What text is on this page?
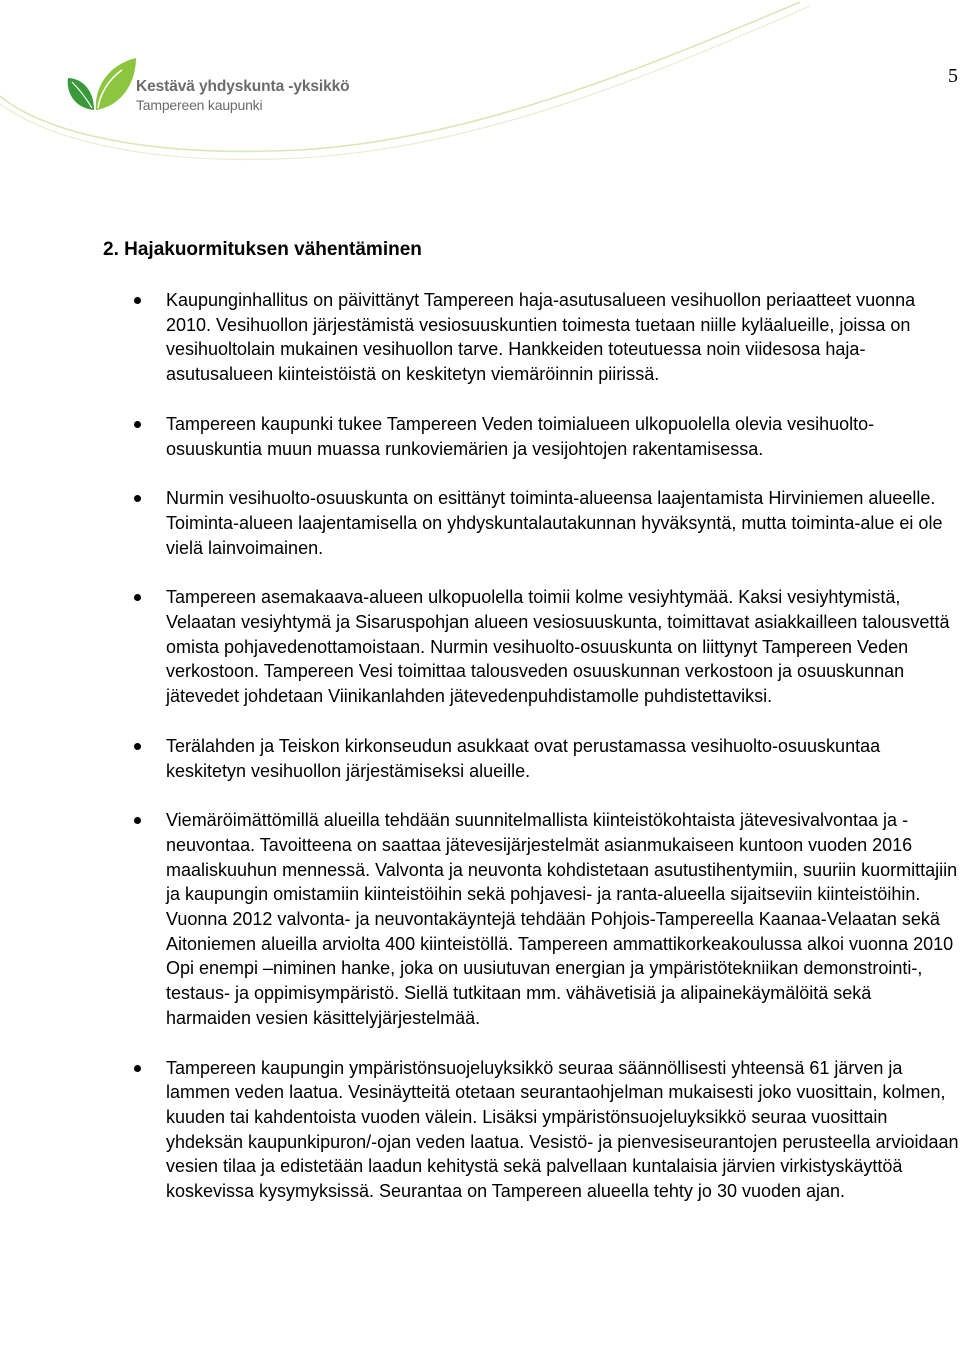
5
Kestävä yhdyskunta -yksikkö
Tampereen kaupunki
2. Hajakuormituksen vähentäminen
Kaupunginhallitus on päivittänyt Tampereen haja-asutusalueen vesihuollon periaatteet vuonna 2010. Vesihuollon järjestämistä vesiosuuskuntien toimesta tuetaan niille kyläalueille, joissa on vesihuoltolain mukainen vesihuollon tarve. Hankkeiden toteutuessa noin viidesosa haja-asutusalueen kiinteistöistä on keskitetyn viemäröinnin piirissä.
Tampereen kaupunki tukee Tampereen Veden toimialueen ulkopuolella olevia vesihuolto-osuuskuntia muun muassa runkoviemärien ja vesijohtojen rakentamisessa.
Nurmin vesihuolto-osuuskunta on esittänyt toiminta-alueensa laajentamista Hirviniemen alueelle. Toiminta-alueen laajentamisella on yhdyskuntalautakunnan hyväksyntä, mutta toiminta-alue ei ole vielä lainvoimainen.
Tampereen asemakaava-alueen ulkopuolella toimii kolme vesiyhtymää. Kaksi vesiyhtymistä, Velaatan vesiyhtymä ja Sisaruspohjan alueen vesiosuuskunta, toimittavat asiakkailleen talousvettä omista pohjavedenottamoistaan. Nurmin vesihuolto-osuuskunta on liittynyt Tampereen Veden verkostoon. Tampereen Vesi toimittaa talousveden osuuskunnan verkostoon ja osuuskunnan jätevedet johdetaan Viinikanlahden jätevedenpuhdistamolle puhdistettaviksi.
Terälahden ja Teiskon kirkonseudun asukkaat ovat perustamassa vesihuolto-osuuskuntaa keskitetyn vesihuollon järjestämiseksi alueille.
Viemäröimättömillä alueilla tehdään suunnitelmallista kiinteistökohtaista jätevesivalvontaa ja -neuvontaa. Tavoitteena on saattaa jätevesijärjestelmät asianmukaiseen kuntoon vuoden 2016 maaliskuuhun mennessä. Valvonta ja neuvonta kohdistetaan asutustihentymiin, suuriin kuormittajiin ja kaupungin omistamiin kiinteistöihin sekä pohjavesi- ja ranta-alueella sijaitseviin kiinteistöihin. Vuonna 2012 valvonta- ja neuvontakäyntejä tehdään Pohjois-Tampereella Kaanaa-Velaatan sekä Aitoniemen alueilla arviolta 400 kiinteistöllä. Tampereen ammattikorkeakoulussa alkoi vuonna 2010 Opi enempi –niminen hanke, joka on uusiutuvan energian ja ympäristötekniikan demonstrointi-, testaus- ja oppimisympäristö. Siellä tutkitaan mm. vähävetisiä ja alipainekäymälöitä sekä harmaiden vesien käsittelyjärjestelmää.
Tampereen kaupungin ympäristönsuojeluyksikkö seuraa säännöllisesti yhteensä 61 järven ja lammen veden laatua. Vesinäytteitä otetaan seurantaohjelman mukaisesti joko vuosittain, kolmen, kuuden tai kahdentoista vuoden välein. Lisäksi ympäristönsuojeluyksikkö seuraa vuosittain yhdeksän kaupunkipuron/-ojan veden laatua. Vesistö- ja pienvesiseurantojen perusteella arvioidaan vesien tilaa ja edistetään laadun kehitystä sekä palvellaan kuntalaisia järvien virkistyskäyttöä koskevissa kysymyksissä. Seurantaa on Tampereen alueella tehty jo 30 vuoden ajan.
